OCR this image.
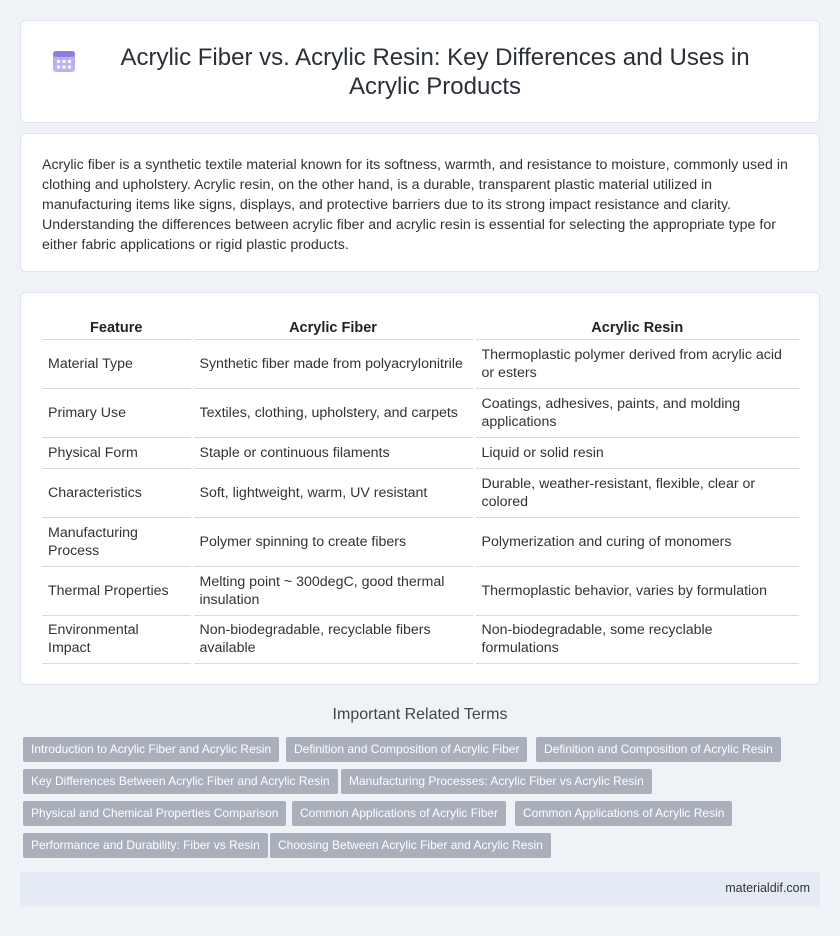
Acrylic Fiber vs. Acrylic Resin: Key Differences and Uses in Acrylic Products

Acrylic fiber is a synthetic textile material known for its softness, warmth, and resistance to moisture, commonly used in clothing and upholstery. Acrylic resin, on the other hand, is a durable, transparent plastic material utilized in manufacturing items like signs, displays, and protective barriers due to its strong impact resistance and clarity. Understanding the differences between acrylic fiber and acrylic resin is essential for selecting the appropriate type for either fabric applications or rigid plastic products.

Feature	Acrylic Fiber	Acrylic Resin
Material Type	Synthetic fiber made from polyacrylonitrile	Thermoplastic polymer derived from acrylic acid or esters
Primary Use	Textiles, clothing, upholstery, and carpets	Coatings, adhesives, paints, and molding applications
Physical Form	Staple or continuous filaments	Liquid or solid resin
Characteristics	Soft, lightweight, warm, UV resistant	Durable, weather-resistant, flexible, clear or colored
Manufacturing Process	Polymer spinning to create fibers	Polymerization and curing of monomers
Thermal Properties	Melting point ~ 300degC, good thermal insulation	Thermoplastic behavior, varies by formulation
Environmental Impact	Non-biodegradable, recyclable fibers available	Non-biodegradable, some recyclable formulations
Important Related Terms
Introduction to Acrylic Fiber and Acrylic Resin	Definition and Composition of Acrylic Fiber	Definition and Composition of Acrylic Resin
Key Differences Between Acrylic Fiber and Acrylic Resin	Manufacturing Processes: Acrylic Fiber vs Acrylic Resin
Physical and Chemical Properties Comparison	Common Applications of Acrylic Fiber	Common Applications of Acrylic Resin
Performance and Durability: Fiber vs Resin	Choosing Between Acrylic Fiber and Acrylic Resin
materialdif.com
